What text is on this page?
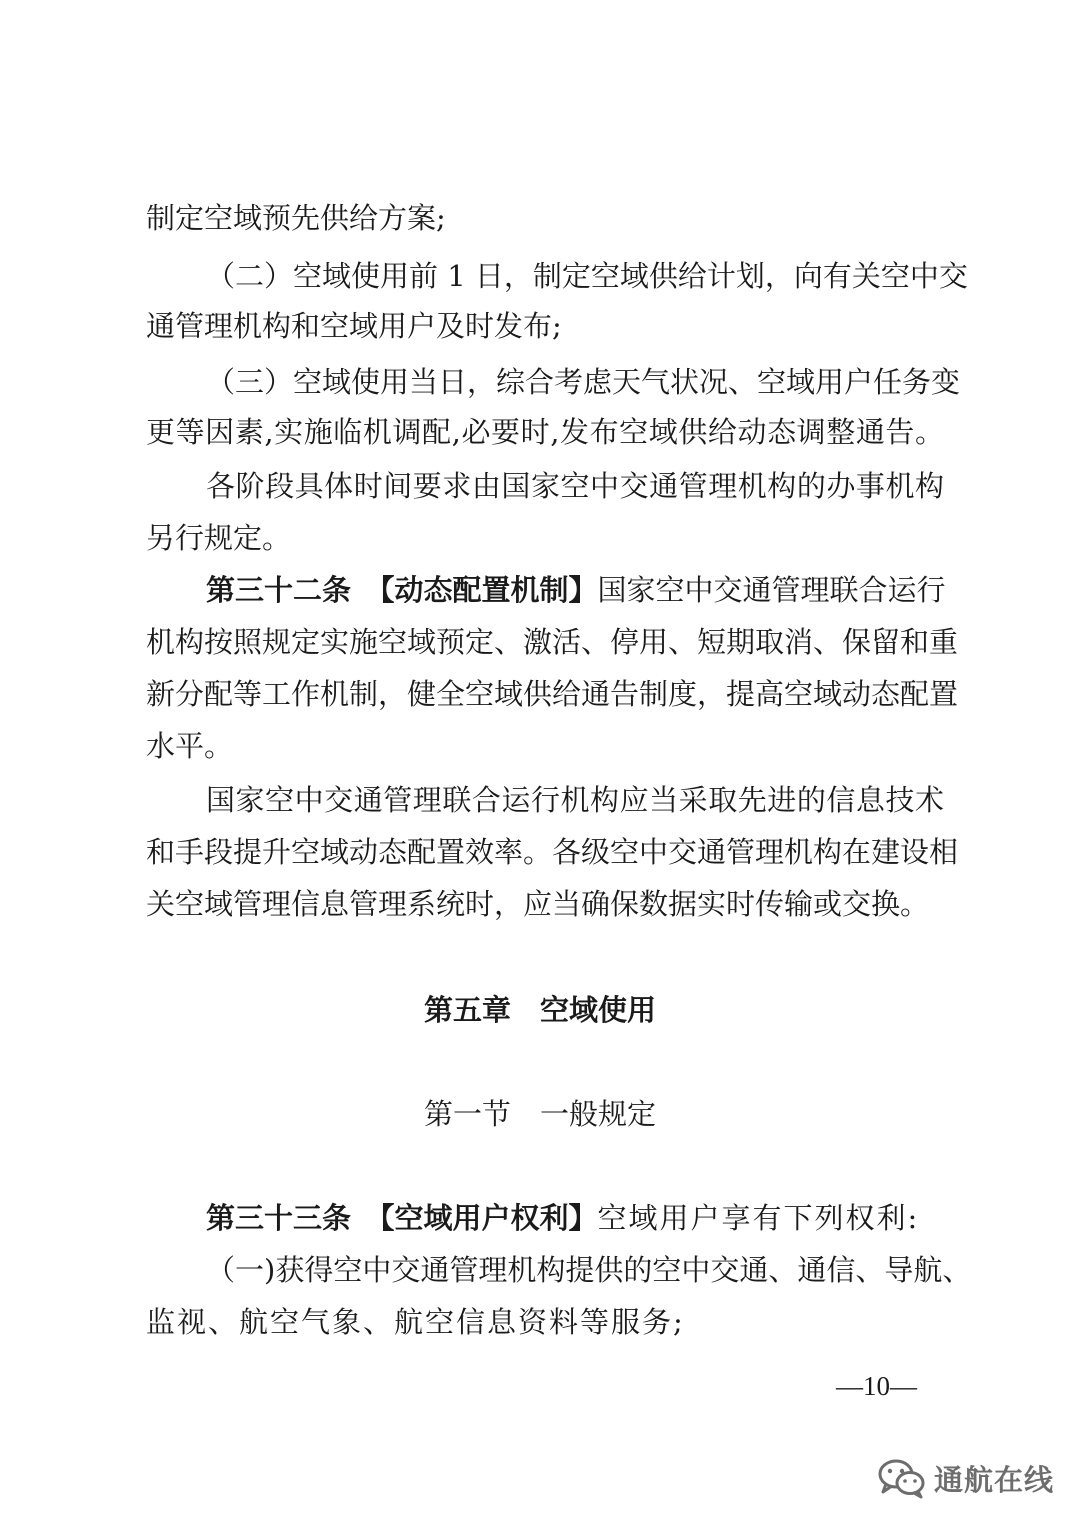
制定空域预先供给方案;
（二）空域使用前 1 日，制定空域供给计划，向有关空中交
通管理机构和空域用户及时发布;
（三）空域使用当日，综合考虑天气状况、空域用户任务变
更等因素,实施临机调配,必要时,发布空域供给动态调整通告。
各阶段具体时间要求由国家空中交通管理机构的办事机构
另行规定。
第三十二条　【动态配置机制】 国家空中交通管理联合运行
机构按照规定实施空域预定、激活、停用、短期取消、保留和重
新分配等工作机制，健全空域供给通告制度，提高空域动态配置
水平。
国家空中交通管理联合运行机构应当采取先进的信息技术
和手段提升空域动态配置效率。各级空中交通管理机构在建设相
关空域管理信息管理系统时，应当确保数据实时传输或交换。
第五章　空域使用
第一节　一般规定
第三十三条　【空域用户权利】 空域用户享有下列权利:
（一)获得空中交通管理机构提供的空中交通、通信、导航、
监视、航空气象、航空信息资料等服务;
—10—
通航在线
